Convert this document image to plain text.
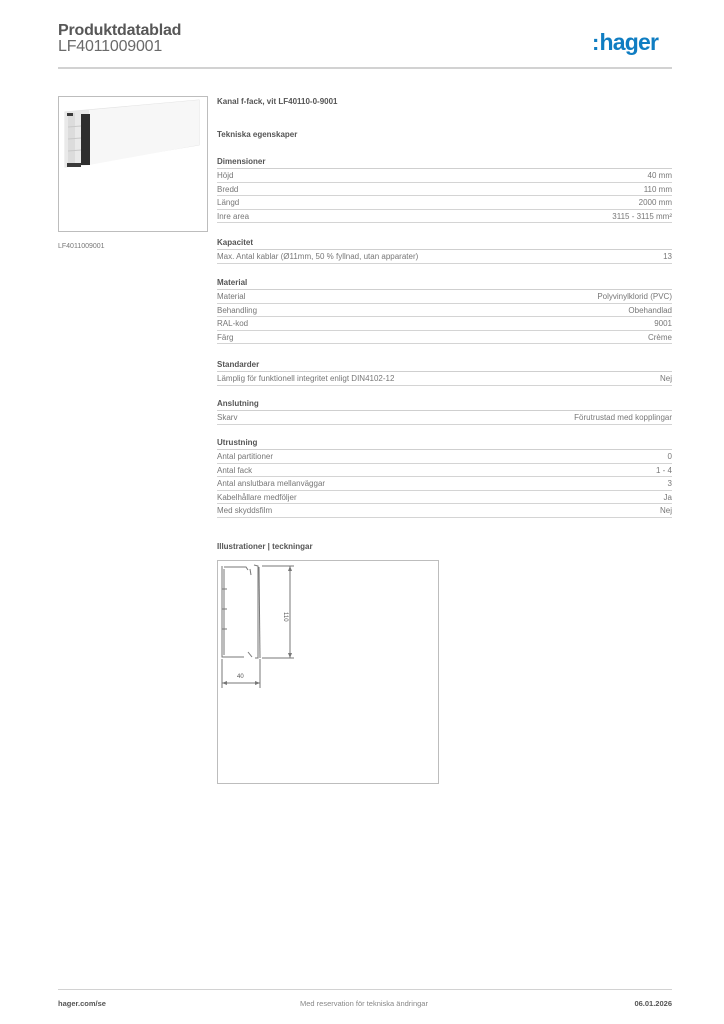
Produktdatablad
LF4011009001	:hager
LF4011009001
Kanal f-fack, vit LF40110-0-9001
Tekniska egenskaper
Dimensioner
Höjd	40 mm
Bredd	110 mm
Längd	2000 mm
Inre area	3115 - 3115 mm²
Kapacitet
Max. Antal kablar (Ø11mm, 50 % fyllnad, utan apparater)	13
Material
Material	Polyvinylklorid (PVC)
Behandling	Obehandlad
RAL-kod	9001
Färg	Crème
Standarder
Lämplig för funktionell integritet enligt DIN4102-12	Nej
Anslutning
Skarv	Förutrustad med kopplingar
Utrustning
Antal partitioner	0
Antal fack	1 - 4
Antal anslutbara mellanväggar	3
Kabelhållare medföljer	Ja
Med skyddsfilm	Nej
Illustrationer | teckningar
110
40
hager.com/se	Med reservation för tekniska ändringar	06.01.2026
